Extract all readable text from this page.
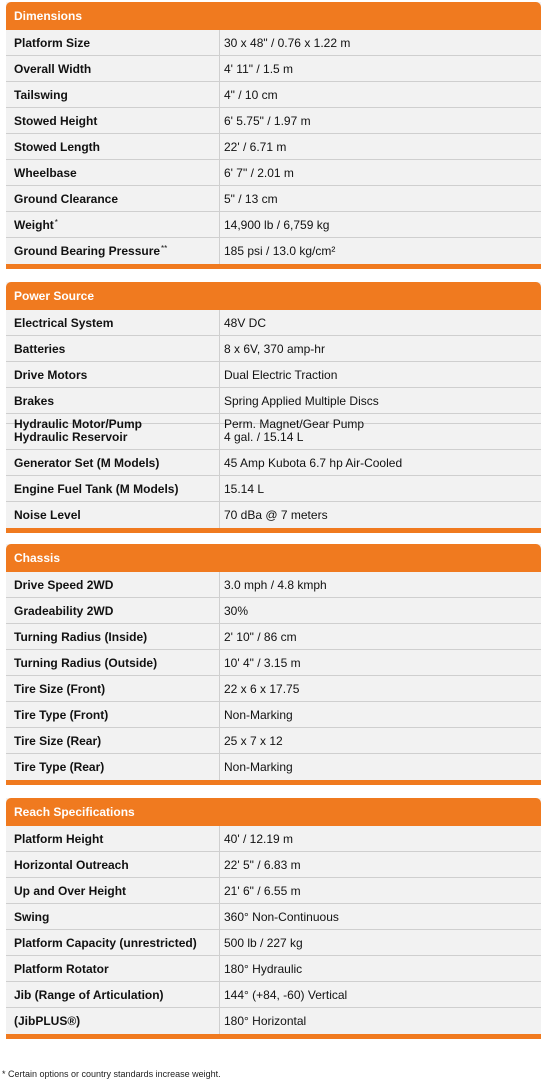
Dimensions
Platform Size	30 x 48" / 0.76 x 1.22 m
Overall Width	4' 11" / 1.5 m
Tailswing	4" / 10 cm
Stowed Height	6' 5.75" / 1.97 m
Stowed Length	22' / 6.71 m
Wheelbase	6' 7" / 2.01 m
Ground Clearance	5" / 13 cm
Weight *	14,900 lb / 6,759 kg
Ground Bearing Pressure**	185 psi / 13.0 kg/cm²
Power Source
Electrical System	48V DC
Batteries	8 x 6V, 370 amp-hr
Drive Motors	Dual Electric Traction
Brakes	Spring Applied Multiple Discs
Hydraulic Motor/Pump	Perm. Magnet/Gear Pump
Hydraulic Reservoir	4 gal. / 15.14 L
Generator Set (M Models)	45 Amp Kubota 6.7 hp Air-Cooled
Engine Fuel Tank (M Models)	15.14 L
Noise Level	70 dBa @ 7 meters
Chassis
Drive Speed 2WD	3.0 mph / 4.8 kmph
Gradeability 2WD	30%
Turning Radius (Inside)	2' 10" / 86 cm
Turning Radius (Outside)	10' 4" / 3.15 m
Tire Size (Front)	22 x 6 x 17.75
Tire Type (Front)	Non-Marking
Tire Size (Rear)	25 x 7 x 12
Tire Type (Rear)	Non-Marking
Reach Specifications
Platform Height	40' / 12.19 m
Horizontal Outreach	22' 5" / 6.83 m
Up and Over Height	21' 6" / 6.55 m
Swing	360° Non-Continuous
Platform Capacity (unrestricted)	500 lb / 227 kg
Platform Rotator	180° Hydraulic
Jib (Range of Articulation)	144° (+84, -60) Vertical
(JibPLUS®)	180° Horizontal
* Certain options or country standards increase weight.
